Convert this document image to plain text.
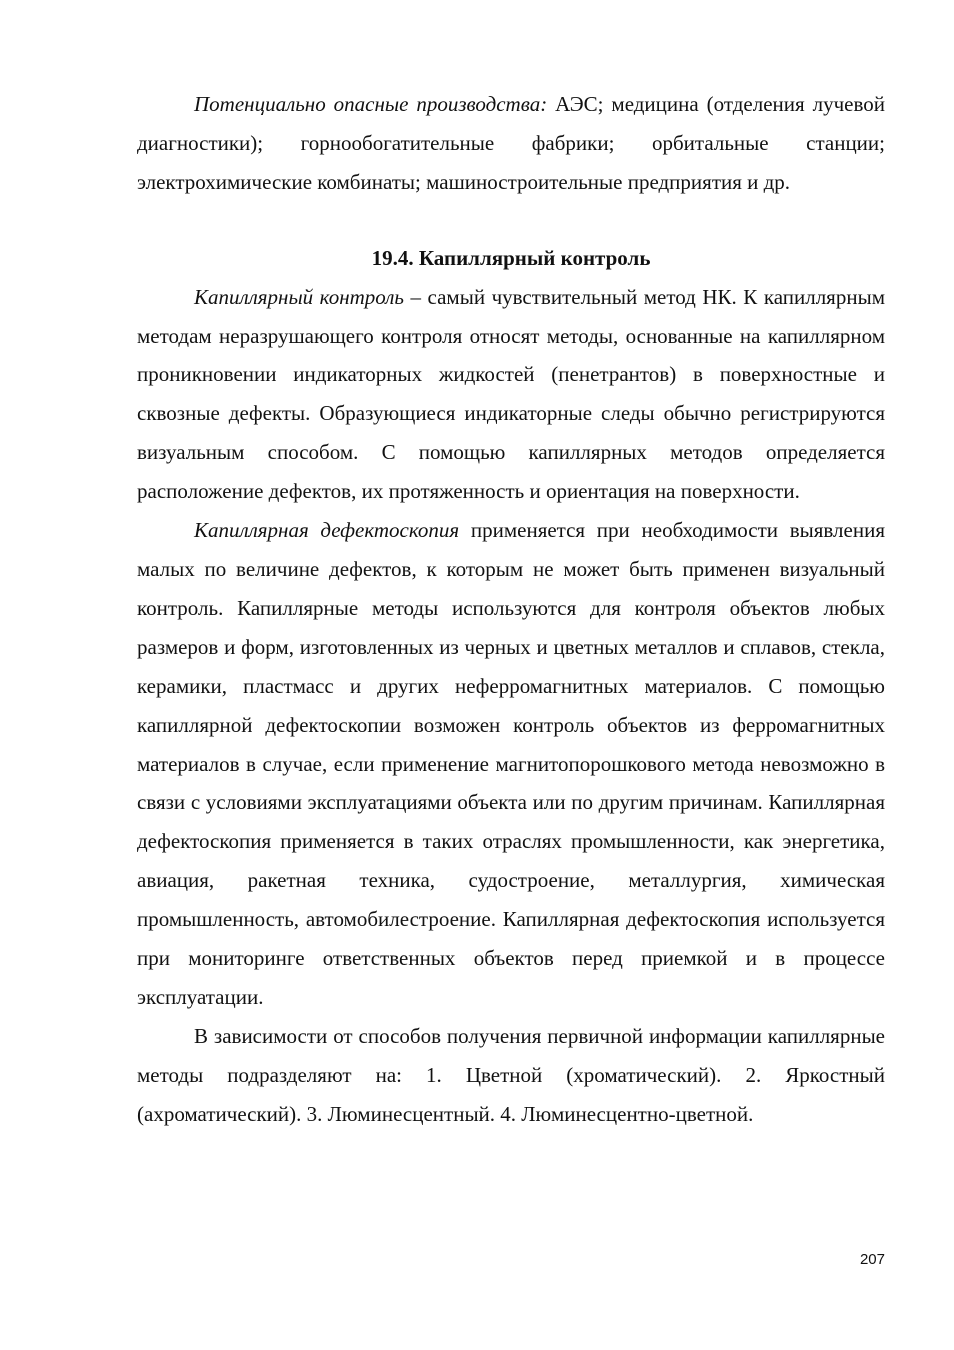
Потенциально опасные производства: АЭС; медицина (отделения лучевой диагностики); горнообогатительные фабрики; орбитальные станции; электрохимические комбинаты; машиностроительные предприятия и др.

19.4. Капиллярный контроль

Капиллярный контроль – самый чувствительный метод НК. К капиллярным методам неразрушающего контроля относят методы, основанные на капиллярном проникновении индикаторных жидкостей (пенетрантов) в поверхностные и сквозные дефекты. Образующиеся индикаторные следы обычно регистрируются визуальным способом. С помощью капиллярных методов определяется расположение дефектов, их протяженность и ориентация на поверхности.

Капиллярная дефектоскопия применяется при необходимости выявления малых по величине дефектов, к которым не может быть применен визуальный контроль. Капиллярные методы используются для контроля объектов любых размеров и форм, изготовленных из черных и цветных металлов и сплавов, стекла, керамики, пластмасс и других неферромагнитных материалов. С помощью капиллярной дефектоскопии возможен контроль объектов из ферромагнитных материалов в случае, если применение магнитопорошкового метода невозможно в связи с условиями эксплуатациями объекта или по другим причинам. Капиллярная дефектоскопия применяется в таких отраслях промышленности, как энергетика, авиация, ракетная техника, судостроение, металлургия, химическая промышленность, автомобилестроение. Капиллярная дефектоскопия используется при мониторинге ответственных объектов перед приемкой и в процессе эксплуатации.

В зависимости от способов получения первичной информации капиллярные методы подразделяют на: 1. Цветной (хроматический). 2. Яркостный (ахроматический). 3. Люминесцентный. 4. Люминесцентно-цветной.

207
